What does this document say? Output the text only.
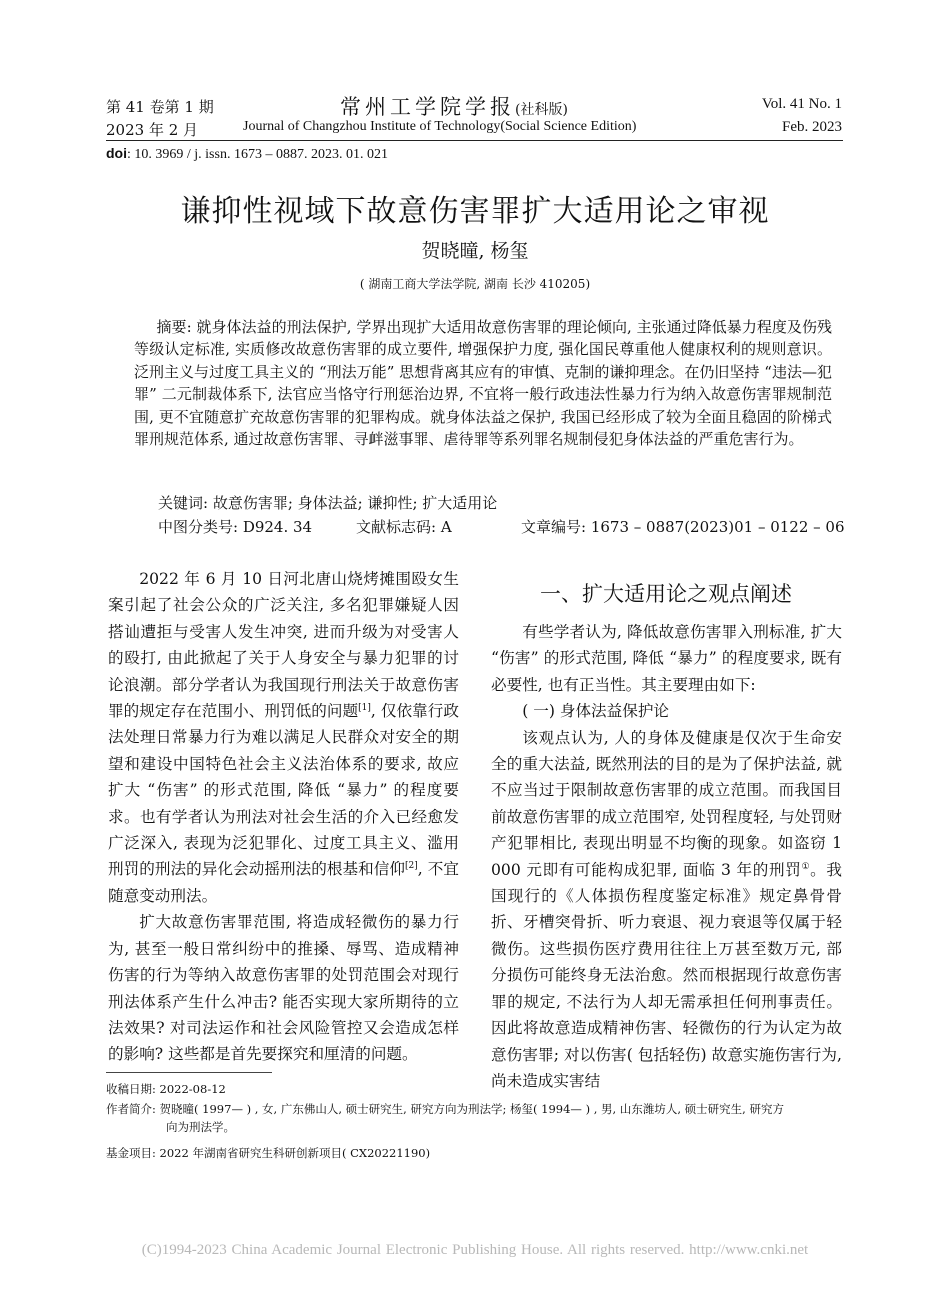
第 41 卷第 1 期	常州工学院学报(社科版)	Vol. 41 No. 1
2023 年 2 月	Journal of Changzhou Institute of Technology(Social Science Edition)	Feb. 2023
doi: 10. 3969 / j. issn. 1673 – 0887. 2023. 01. 021
谦抑性视域下故意伤害罪扩大适用论之审视
贺晓曈, 杨玺
( 湖南工商大学法学院, 湖南 长沙 410205)

摘要: 就身体法益的刑法保护, 学界出现扩大适用故意伤害罪的理论倾向, 主张通过降低暴力程度及伤残等级认定标准, 实质修改故意伤害罪的成立要件, 增强保护力度, 强化国民尊重他人健康权利的规则意识。泛刑主义与过度工具主义的 “刑法万能” 思想背离其应有的审慎、克制的谦抑理念。在仍旧坚持 “违法—犯罪” 二元制裁体系下, 法官应当恪守行刑惩治边界, 不宜将一般行政违法性暴力行为纳入故意伤害罪规制范围, 更不宜随意扩充故意伤害罪的犯罪构成。就身体法益之保护, 我国已经形成了较为全面且稳固的阶梯式罪刑规范体系, 通过故意伤害罪、寻衅滋事罪、虐待罪等系列罪名规制侵犯身体法益的严重危害行为。

关键词: 故意伤害罪; 身体法益; 谦抑性; 扩大适用论
中图分类号: D924. 34	文献标志码: A	文章编号: 1673 – 0887(2023)01 – 0122 – 06

2022 年 6 月 10 日河北唐山烧烤摊围殴女生案引起了社会公众的广泛关注, 多名犯罪嫌疑人因搭讪遭拒与受害人发生冲突, 进而升级为对受害人的殴打, 由此掀起了关于人身安全与暴力犯罪的讨论浪潮。部分学者认为我国现行刑法关于故意伤害罪的规定存在范围小、刑罚低的问题[1], 仅依靠行政法处理日常暴力行为难以满足人民群众对安全的期望和建设中国特色社会主义法治体系的要求, 故应扩大 “伤害” 的形式范围, 降低 “暴力” 的程度要求。也有学者认为刑法对社会生活的介入已经愈发广泛深入, 表现为泛犯罪化、过度工具主义、滥用刑罚的刑法的异化会动摇刑法的根基和信仰[2], 不宜随意变动刑法。

扩大故意伤害罪范围, 将造成轻微伤的暴力行为, 甚至一般日常纠纷中的推搡、辱骂、造成精神伤害的行为等纳入故意伤害罪的处罚范围会对现行刑法体系产生什么冲击? 能否实现大家所期待的立法效果? 对司法运作和社会风险管控又会造成怎样的影响? 这些都是首先要探究和厘清的问题。

一、扩大适用论之观点阐述

有些学者认为, 降低故意伤害罪入刑标准, 扩大 “伤害” 的形式范围, 降低 “暴力” 的程度要求, 既有必要性, 也有正当性。其主要理由如下:

( 一) 身体法益保护论

该观点认为, 人的身体及健康是仅次于生命安全的重大法益, 既然刑法的目的是为了保护法益, 就不应当过于限制故意伤害罪的成立范围。而我国目前故意伤害罪的成立范围窄, 处罚程度轻, 与处罚财产犯罪相比, 表现出明显不均衡的现象。如盗窃 1 000 元即有可能构成犯罪, 面临 3 年的刑罚①。我国现行的《人体损伤程度鉴定标准》规定鼻骨骨折、牙槽突骨折、听力衰退、视力衰退等仅属于轻微伤。这些损伤医疗费用往往上万甚至数万元, 部分损伤可能终身无法治愈。然而根据现行故意伤害罪的规定, 不法行为人却无需承担任何刑事责任。因此将故意造成精神伤害、轻微伤的行为认定为故意伤害罪; 对以伤害( 包括轻伤) 故意实施伤害行为, 尚未造成实害结

收稿日期: 2022-08-12
作者简介: 贺晓曈( 1997— ) , 女, 广东佛山人, 硕士研究生, 研究方向为刑法学; 杨玺( 1994— ) , 男, 山东潍坊人, 硕士研究生, 研究方
向为刑法学。
基金项目: 2022 年湖南省研究生科研创新项目( CX20221190)
(C)1994-2023 China Academic Journal Electronic Publishing House. All rights reserved. http://www.cnki.net
